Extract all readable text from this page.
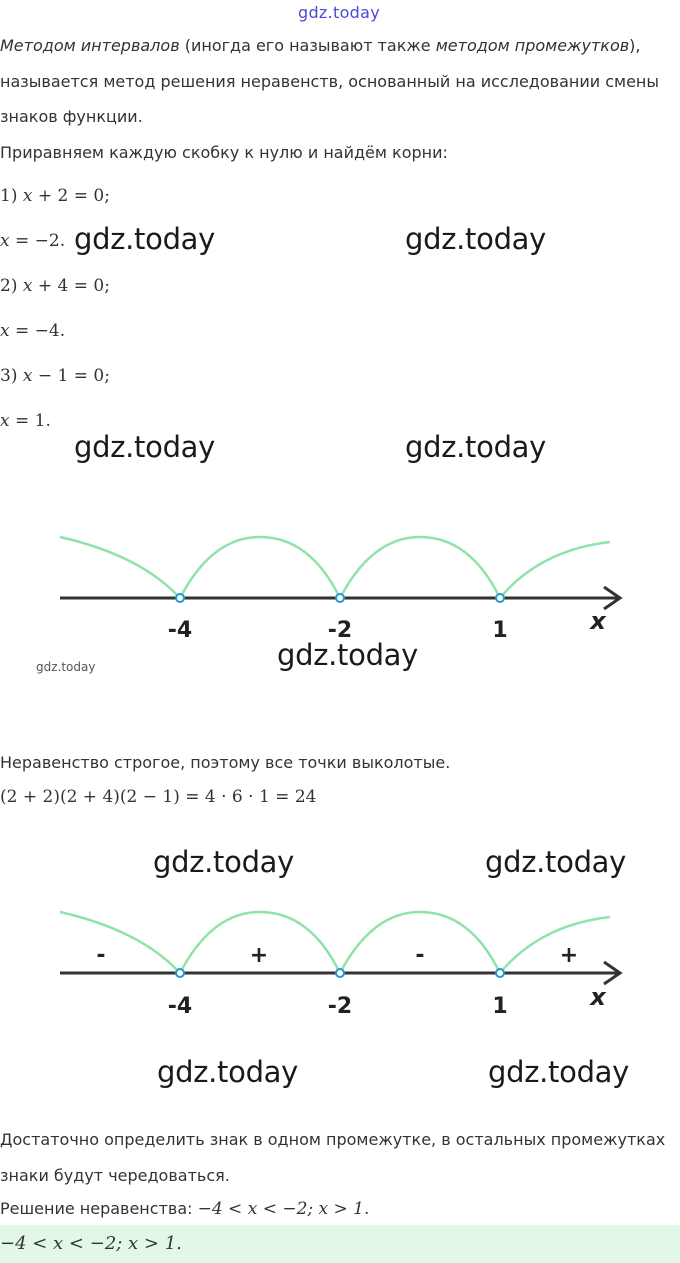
gdz.today
Методом интервалов (иногда его называют также методом промежутков),
называется метод решения неравенств, основанный на исследовании смены
знаков функции.
Приравняем каждую скобку к нулю и найдём корни:
1) x + 2 = 0;
x = −2.
2) x + 4 = 0;
x = −4.
3) x − 1 = 0;
x = 1.
gdz.today	gdz.today
gdz.today	gdz.today
-4	-2	1	x
gdz.today	gdz.today
Неравенство строгое, поэтому все точки выколотые.
(2 + 2)(2 + 4)(2 − 1) = 4 · 6 · 1 = 24
gdz.today	gdz.today
-	+	-	+
-4	-2	1	x
gdz.today	gdz.today
Достаточно определить знак в одном промежутке, в остальных промежутках
знаки будут чередоваться.
Решение неравенства: −4 < x < −2; x > 1.
−4 < x < −2; x > 1.
